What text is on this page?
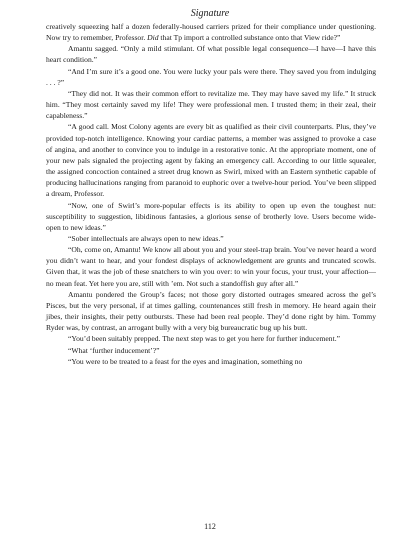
Signature

creatively squeezing half a dozen federally-housed carriers prized for their compliance under questioning. Now try to remember, Professor. Did that Tp import a controlled substance onto that View ride?”

Amantu sagged. “Only a mild stimulant. Of what possible legal consequence—I have—I have this heart condition.”

“And I’m sure it’s a good one. You were lucky your pals were there. They saved you from indulging . . . ?”

“They did not. It was their common effort to revitalize me. They may have saved my life.” It struck him. “They most certainly saved my life! They were professional men. I trusted them; in their zeal, their capableness.”

“A good call. Most Colony agents are every bit as qualified as their civil counterparts. Plus, they’ve provided top-notch intelligence. Knowing your cardiac patterns, a member was assigned to provoke a case of angina, and another to convince you to indulge in a restorative tonic. At the appropriate moment, one of your new pals signaled the projecting agent by faking an emergency call. According to our little squealer, the assigned concoction contained a street drug known as Swirl, mixed with an Eastern synthetic capable of producing hallucinations ranging from paranoid to euphoric over a twelve-hour period. You’ve been slipped a dream, Professor.

“Now, one of Swirl’s more-popular effects is its ability to open up even the toughest nut: susceptibility to suggestion, libidinous fantasies, a glorious sense of brotherly love. Users become wide-open to new ideas.”

“Sober intellectuals are always open to new ideas.”

“Oh, come on, Amantu! We know all about you and your steel-trap brain. You’ve never heard a word you didn’t want to hear, and your fondest displays of acknowledgement are grunts and truncated scowls. Given that, it was the job of these snatchers to win you over: to win your focus, your trust, your affection—no mean feat. Yet here you are, still with ’em. Not such a standoffish guy after all.”

Amantu pondered the Group’s faces; not those gory distorted outrages smeared across the gel’s Pisces, but the very personal, if at times galling, countenances still fresh in memory. He heard again their jibes, their insights, their petty outbursts. These had been real people. They’d done right by him. Tommy Ryder was, by contrast, an arrogant bully with a very big bureaucratic bug up his butt.

“You’d been suitably prepped. The next step was to get you here for further inducement.”

“What ‘further inducement’?”

“You were to be treated to a feast for the eyes and imagination, something no

112
